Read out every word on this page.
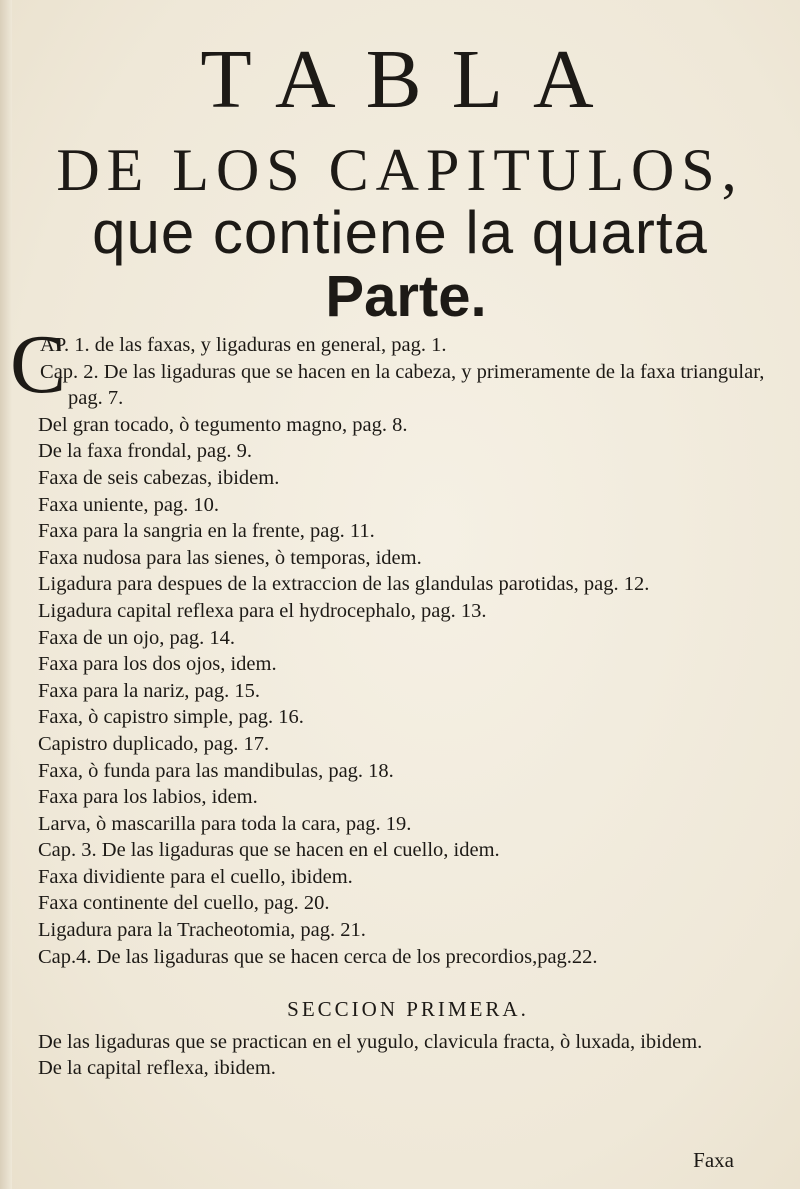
TABLA
DE LOS CAPITULOS,
que contiene la quarta
Parte.

C
AP. 1. de las faxas, y ligaduras en general, pag. 1.

Cap. 2. De las ligaduras que se hacen en la cabeza, y primeramente de la faxa triangular, pag. 7.

Del gran tocado, ò tegumento magno, pag. 8.

De la faxa frondal, pag. 9.

Faxa de seis cabezas, ibidem.

Faxa uniente, pag. 10.

Faxa para la sangria en la frente, pag. 11.

Faxa nudosa para las sienes, ò temporas, idem.

Ligadura para despues de la extraccion de las glandulas parotidas, pag. 12.

Ligadura capital reflexa para el hydrocephalo, pag. 13.

Faxa de un ojo, pag. 14.

Faxa para los dos ojos, idem.

Faxa para la nariz, pag. 15.

Faxa, ò capistro simple, pag. 16.

Capistro duplicado, pag. 17.

Faxa, ò funda para las mandibulas, pag. 18.

Faxa para los labios, idem.

Larva, ò mascarilla para toda la cara, pag. 19.

Cap. 3. De las ligaduras que se hacen en el cuello, idem.

Faxa dividiente para el cuello, ibidem.

Faxa continente del cuello, pag. 20.

Ligadura para la Tracheotomia, pag. 21.

Cap.4. De las ligaduras que se hacen cerca de los precordios,pag.22.

SECCION PRIMERA.

De las ligaduras que se practican en el yugulo, clavicula fracta, ò luxada, ibidem.

De la capital reflexa, ibidem.

Faxa
